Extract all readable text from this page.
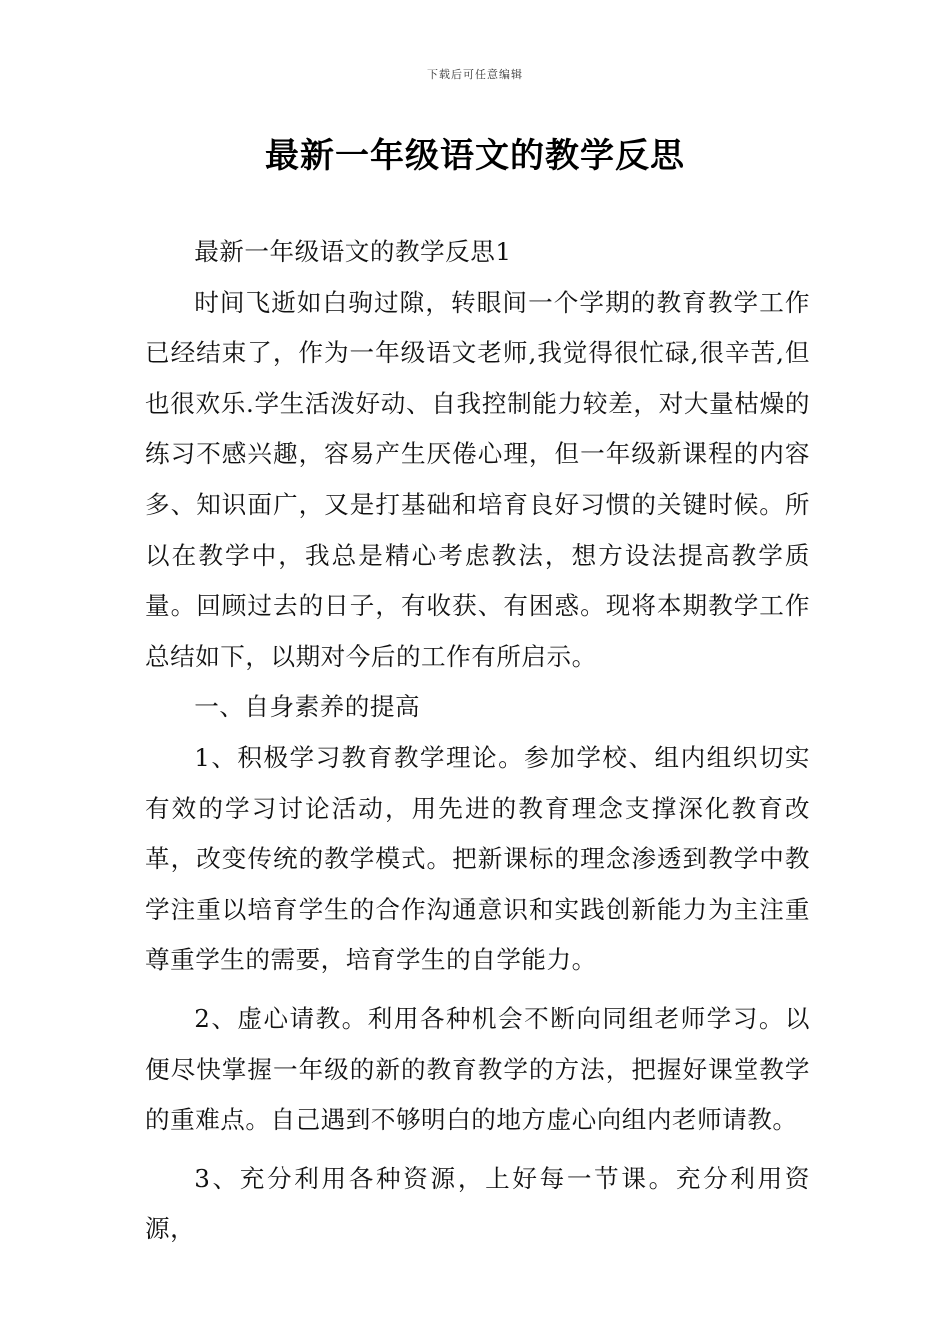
下载后可任意编辑
最新一年级语文的教学反思

最新一年级语文的教学反思1

时间飞逝如白驹过隙，转眼间一个学期的教育教学工作已经结束了，作为一年级语文老师,我觉得很忙碌,很辛苦,但也很欢乐.学生活泼好动、自我控制能力较差，对大量枯燥的练习不感兴趣，容易产生厌倦心理，但一年级新课程的内容多、知识面广，又是打基础和培育良好习惯的关键时候。所以在教学中，我总是精心考虑教法，想方设法提高教学质量。回顾过去的日子，有收获、有困惑。现将本期教学工作总结如下，以期对今后的工作有所启示。

一、自身素养的提高

1、积极学习教育教学理论。参加学校、组内组织切实有效的学习讨论活动，用先进的教育理念支撑深化教育改革，改变传统的教学模式。把新课标的理念渗透到教学中教学注重以培育学生的合作沟通意识和实践创新能力为主注重尊重学生的需要，培育学生的自学能力。

2、虚心请教。利用各种机会不断向同组老师学习。以便尽快掌握一年级的新的教育教学的方法，把握好课堂教学的重难点。自己遇到不够明白的地方虚心向组内老师请教。

3、充分利用各种资源，上好每一节课。充分利用资源，
